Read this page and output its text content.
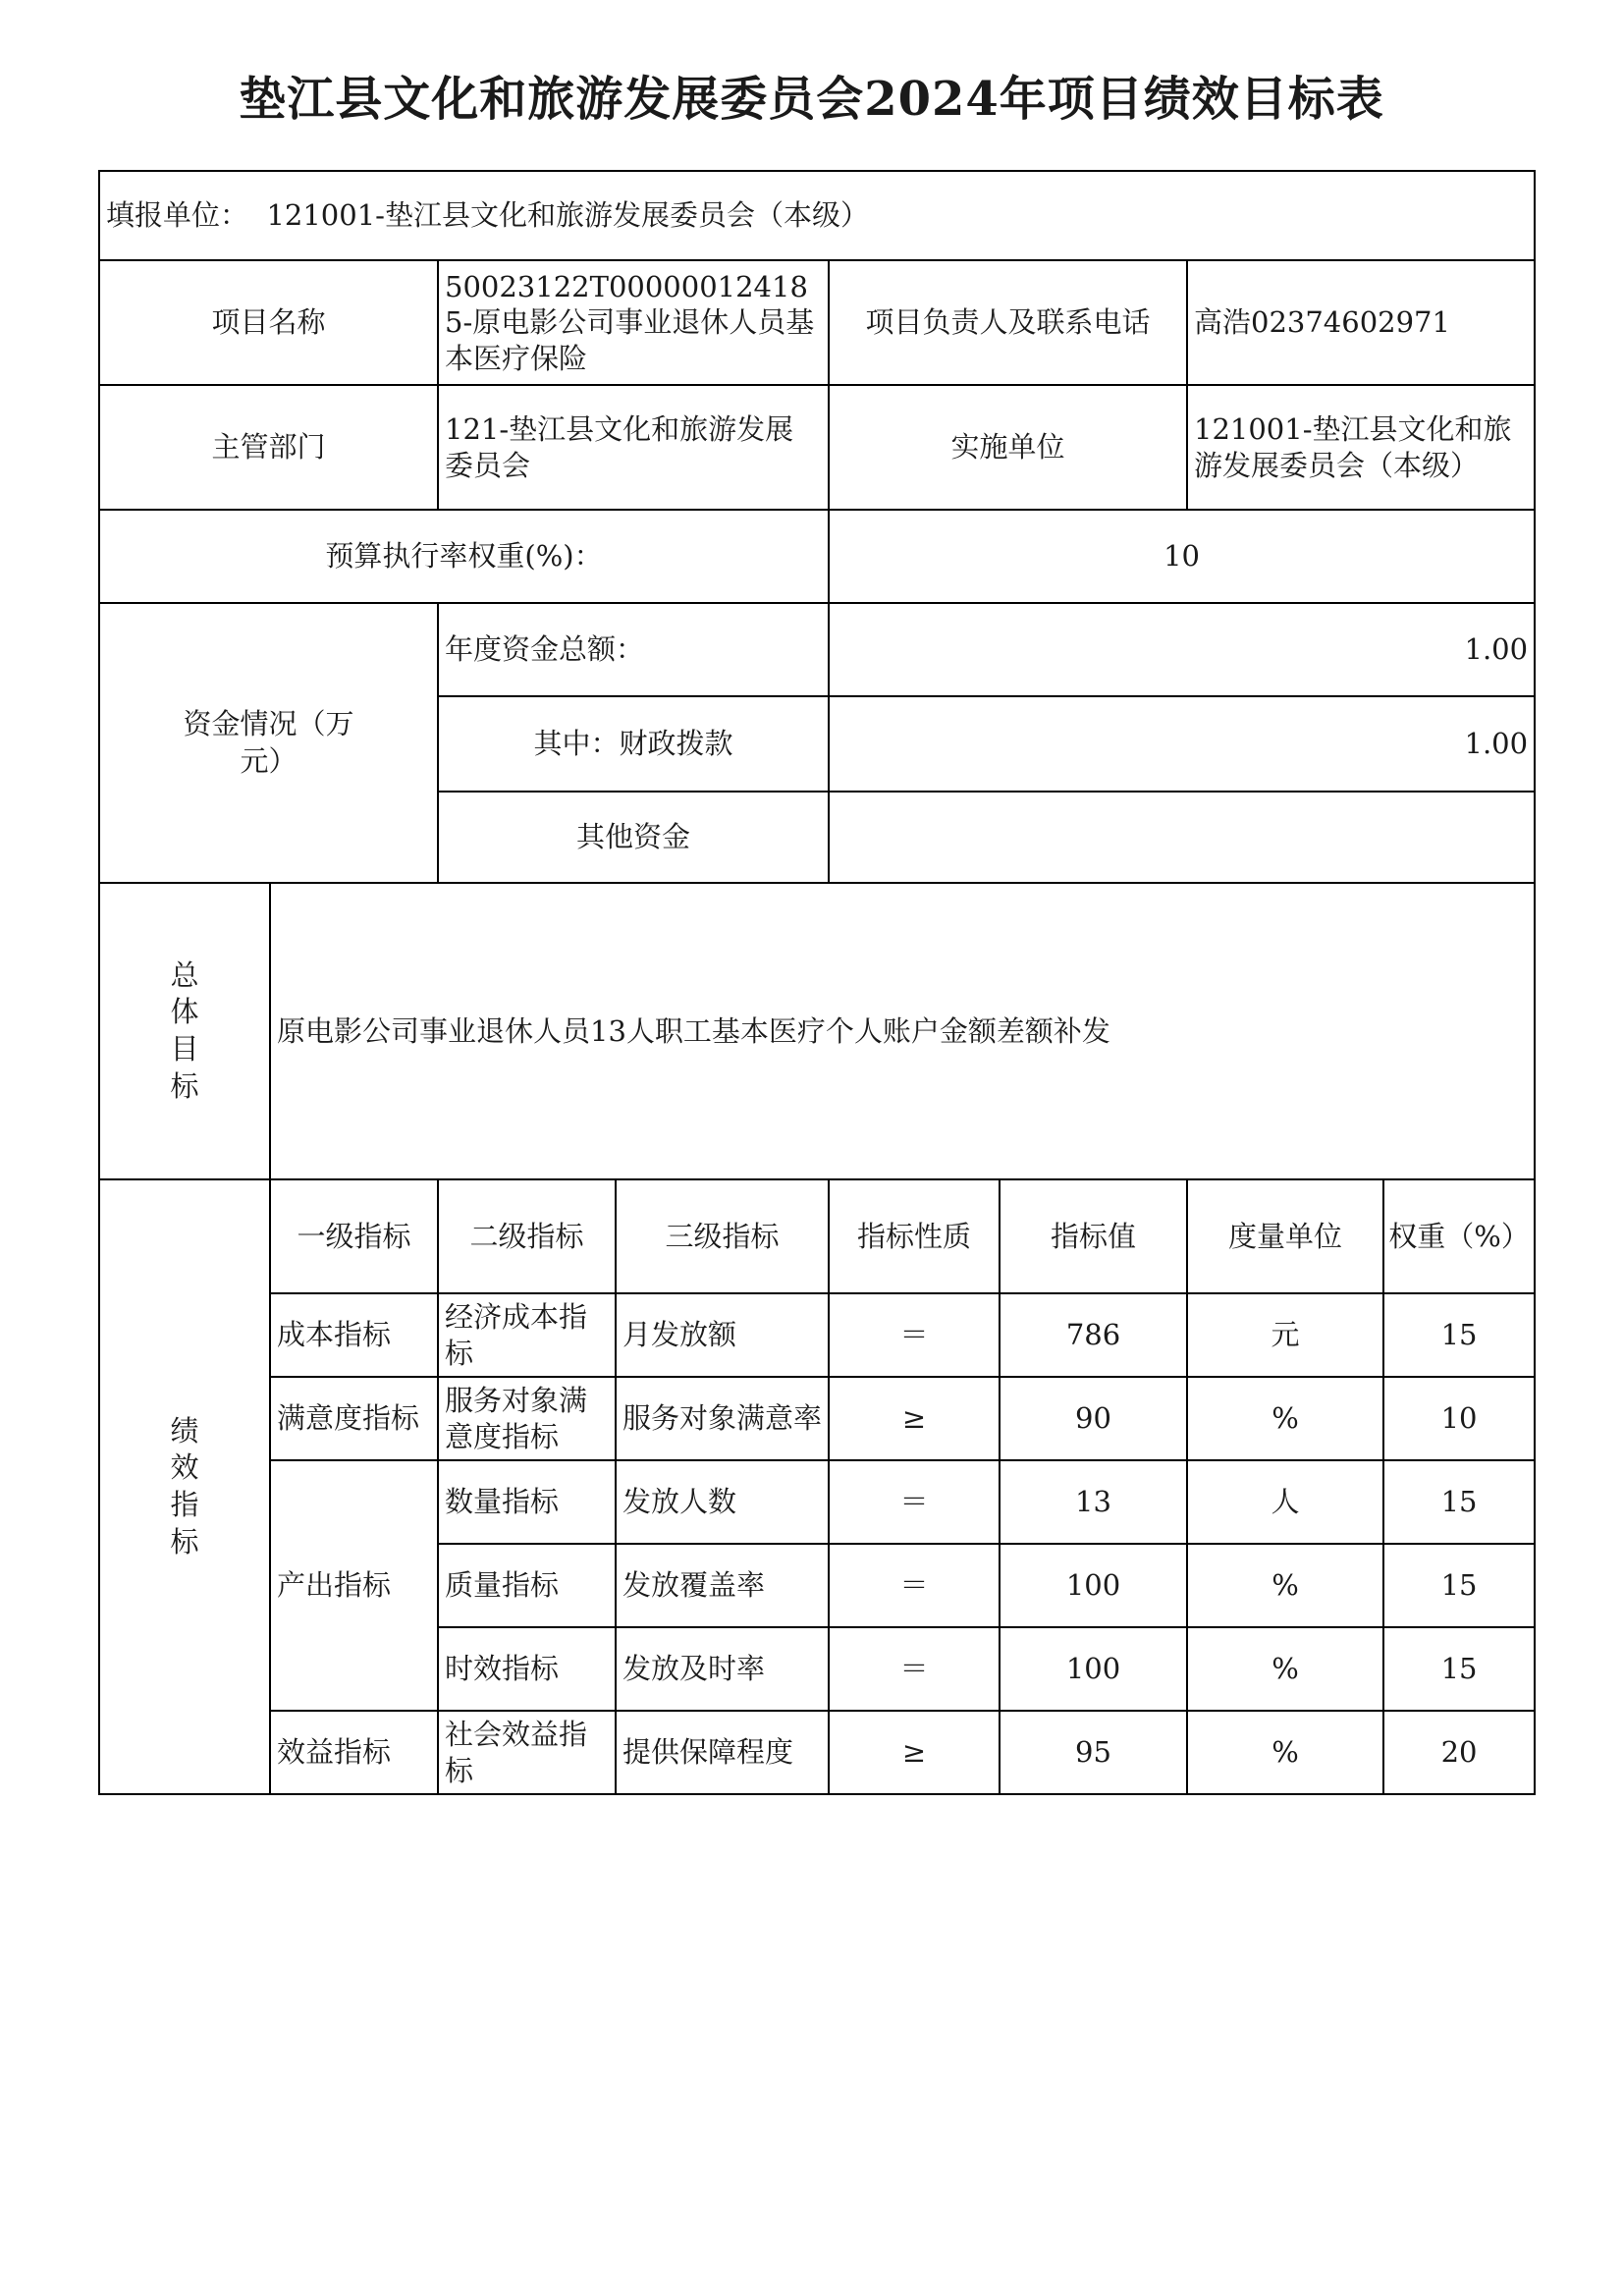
垫江县文化和旅游发展委员会2024年项目绩效目标表
填报单位： 121001-垫江县文化和旅游发展委员会（本级）							
项目名称		50023122T000000124185-原电影公司事业退休人员基本医疗保险		项目负责人及联系电话		高浩02374602971	
主管部门		121-垫江县文化和旅游发展委员会		实施单位		121001-垫江县文化和旅游发展委员会（本级）	
预算执行率权重(%)：				10			

资金情况（万元）		年度资金总额：		1.00			
		其中：财政拨款		1.00			
		其他资金					
总体目标	原电影公司事业退休人员13人职工基本医疗个人账户金额差额补发						
绩效指标	一级指标	二级指标	三级指标	指标性质	指标值	度量单位	权重（%）
	成本指标	经济成本指标	月发放额	＝	786	元	15
	满意度指标	服务对象满意度指标	服务对象满意率	≥	90	%	10
	产出指标	数量指标	发放人数	＝	13	人	15
		质量指标	发放覆盖率	＝	100	%	15
		时效指标	发放及时率	＝	100	%	15
	效益指标	社会效益指标	提供保障程度	≥	95	%	20
